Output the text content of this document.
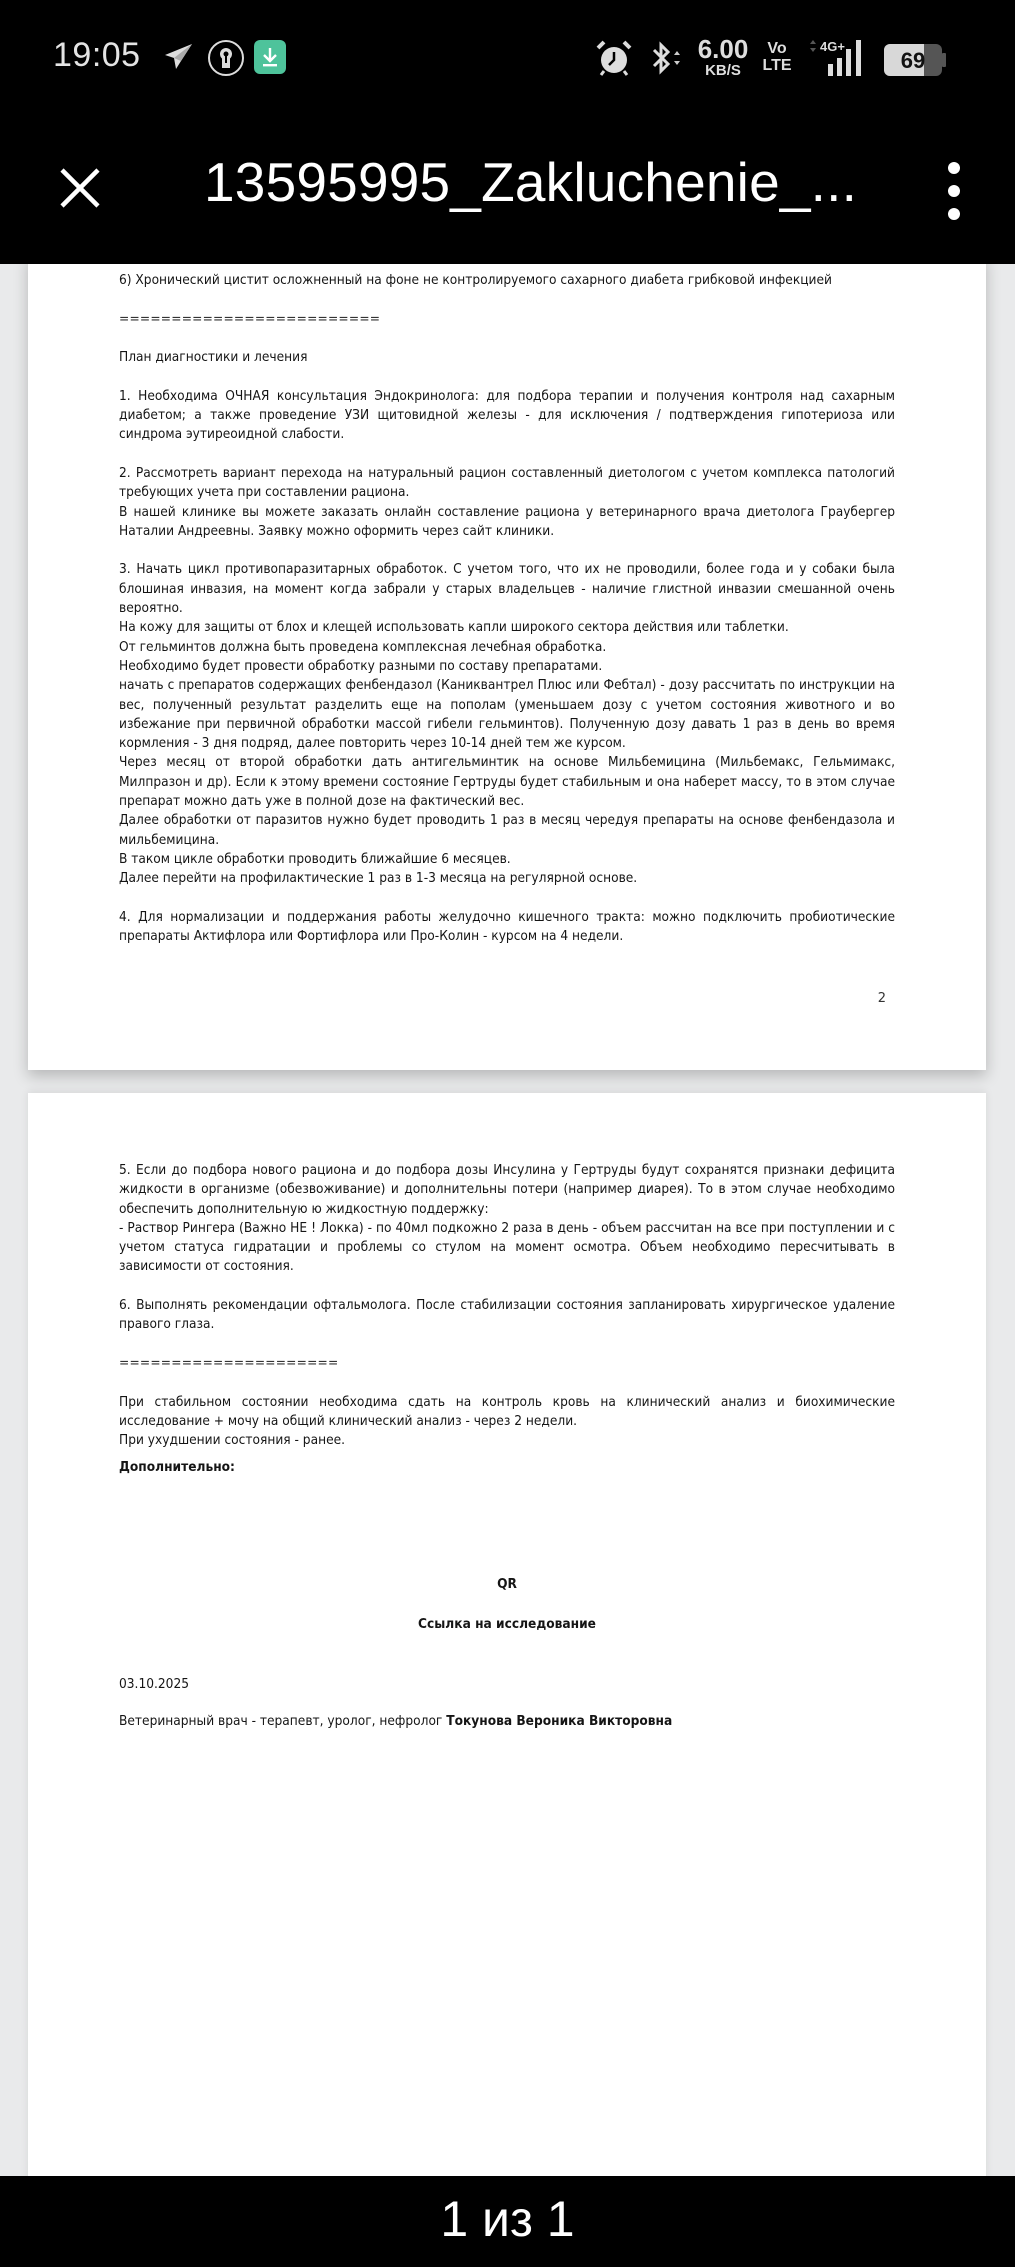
19:05	6.00
KB/S
Vo
LTE
4G+
69
13595995_Zakluchenie_...

6) Хронический цистит осложненный на фоне не контролируемого сахарного диабета грибковой инфекцией

=========================

План диагностики и лечения

1. Необходима ОЧНАЯ консультация Эндокринолога: для подбора терапии и получения контроля над сахарным диабетом; а также проведение УЗИ щитовидной железы - для исключения / подтверждения гипотериоза или синдрома эутиреоидной слабости.

2. Рассмотреть вариант перехода на натуральный рацион составленный диетологом с учетом комплекса патологий требующих учета при составлении рациона.

В нашей клинике вы можете заказать онлайн составление рациона у ветеринарного врача диетолога Граубергер Наталии Андреевны. Заявку можно оформить через сайт клиники.

3. Начать цикл противопаразитарных обработок. С учетом того, что их не проводили, более года и у собаки была блошиная инвазия, на момент когда забрали у старых владельцев - наличие глистной инвазии смешанной очень вероятно.

На кожу для защиты от блох и клещей использовать капли широкого сектора действия или таблетки.

От гельминтов должна быть проведена комплексная лечебная обработка.

Необходимо будет провести обработку разными по составу препаратами.

начать с препаратов содержащих фенбендазол (Каниквантрел Плюс или Фебтал) - дозу рассчитать по инструкции на вес, полученный результат разделить еще на пополам (уменьшаем дозу с учетом состояния животного и во избежание при первичной обработки массой гибели гельминтов). Полученную дозу давать 1 раз в день во время кормления - 3 дня подряд, далее повторить через 10-14 дней тем же курсом.

Через месяц от второй обработки дать антигельминтик на основе Мильбемицина (Мильбемакс, Гельмимакс, Милпразон и др). Если к этому времени состояние Гертруды будет стабильным и она наберет массу, то в этом случае препарат можно дать уже в полной дозе на фактический вес.

Далее обработки от паразитов нужно будет проводить 1 раз в месяц чередуя препараты на основе фенбендазола и мильбемицина.

В таком цикле обработки проводить ближайшие 6 месяцев.

Далее перейти на профилактические 1 раз в 1-3 месяца на регулярной основе.

4. Для нормализации и поддержания работы желудочно кишечного тракта: можно подключить пробиотические препараты Актифлора или Фортифлора или Про-Колин - курсом на 4 недели.

2

5. Если до подбора нового рациона и до подбора дозы Инсулина у Гертруды будут сохранятся признаки дефицита жидкости в организме (обезвоживание) и дополнительны потери (например диарея). То в этом случае необходимо обеспечить дополнительную ю жидкостную поддержку:

- Раствор Рингера (Важно НЕ ! Локка) - по 40мл подкожно 2 раза в день - объем рассчитан на все при поступлении и с учетом статуса гидратации и проблемы со стулом на момент осмотра. Объем необходимо пересчитывать в зависимости от состояния.

6. Выполнять рекомендации офтальмолога. После стабилизации состояния запланировать хирургическое удаление правого глаза.

=====================

При стабильном состоянии необходима сдать на контроль кровь на клинический анализ и биохимические исследование + мочу на общий клинический анализ - через 2 недели.

При ухудшении состояния - ранее.

Дополнительно:

QR

Ссылка на исследование

03.10.2025

Ветеринарный врач - терапевт, уролог, нефролог Токунова Вероника Викторовна

1 из 1
